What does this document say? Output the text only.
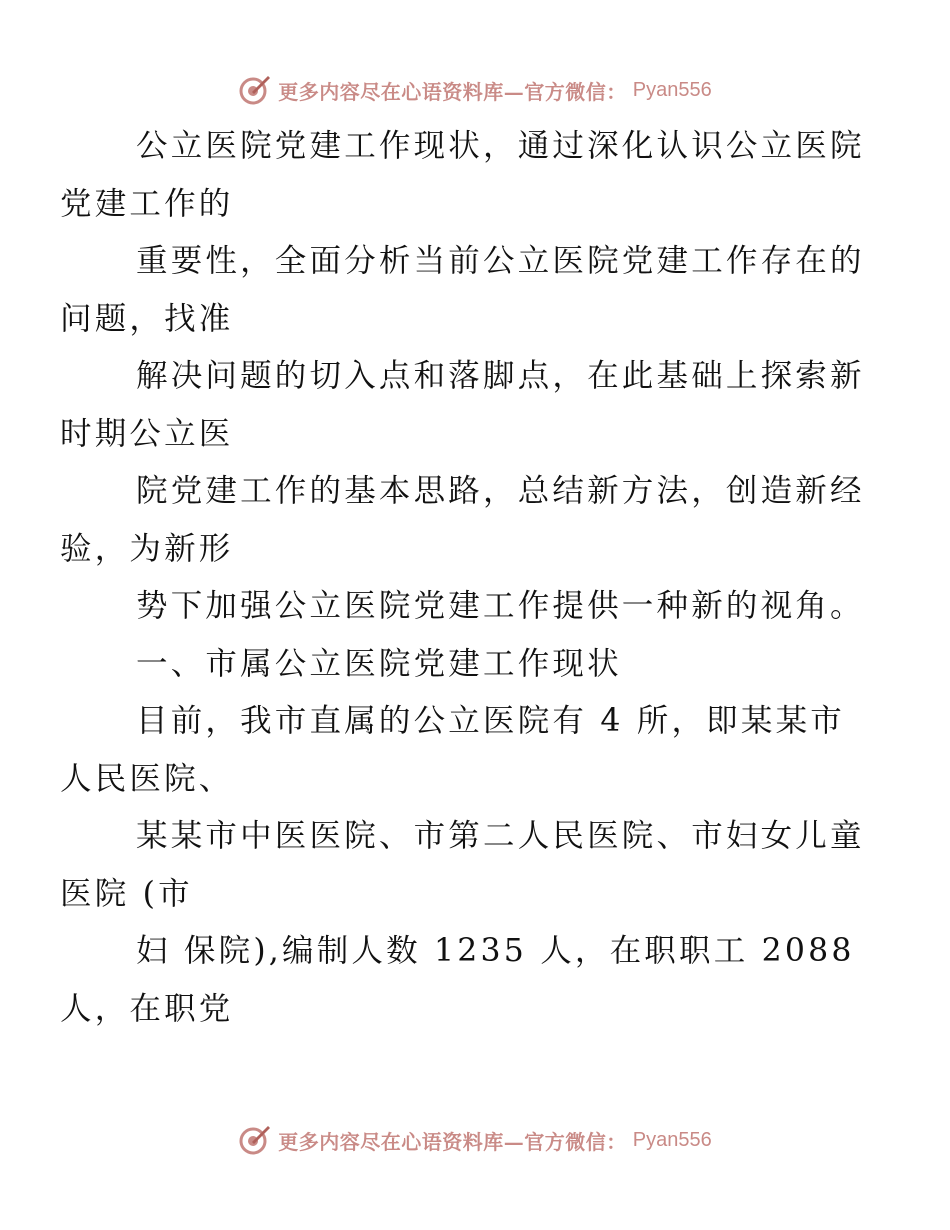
更多内容尽在心语资料库—官方微信： Pyan556

公立医院党建工作现状，通过深化认识公立医院
党建工作的

重要性，全面分析当前公立医院党建工作存在的
问题，找准

解决问题的切入点和落脚点，在此基础上探索新
时期公立医

院党建工作的基本思路，总结新方法，创造新经
验，为新形

势下加强公立医院党建工作提供一种新的视角。

一、市属公立医院党建工作现状

目前，我市直属的公立医院有 4 所，即某某市
人民医院、

某某市中医医院、市第二人民医院、市妇女儿童
医院 (市

妇 保院),编制人数 1235 人，在职职工 2088
人，在职党

更多内容尽在心语资料库—官方微信： Pyan556
